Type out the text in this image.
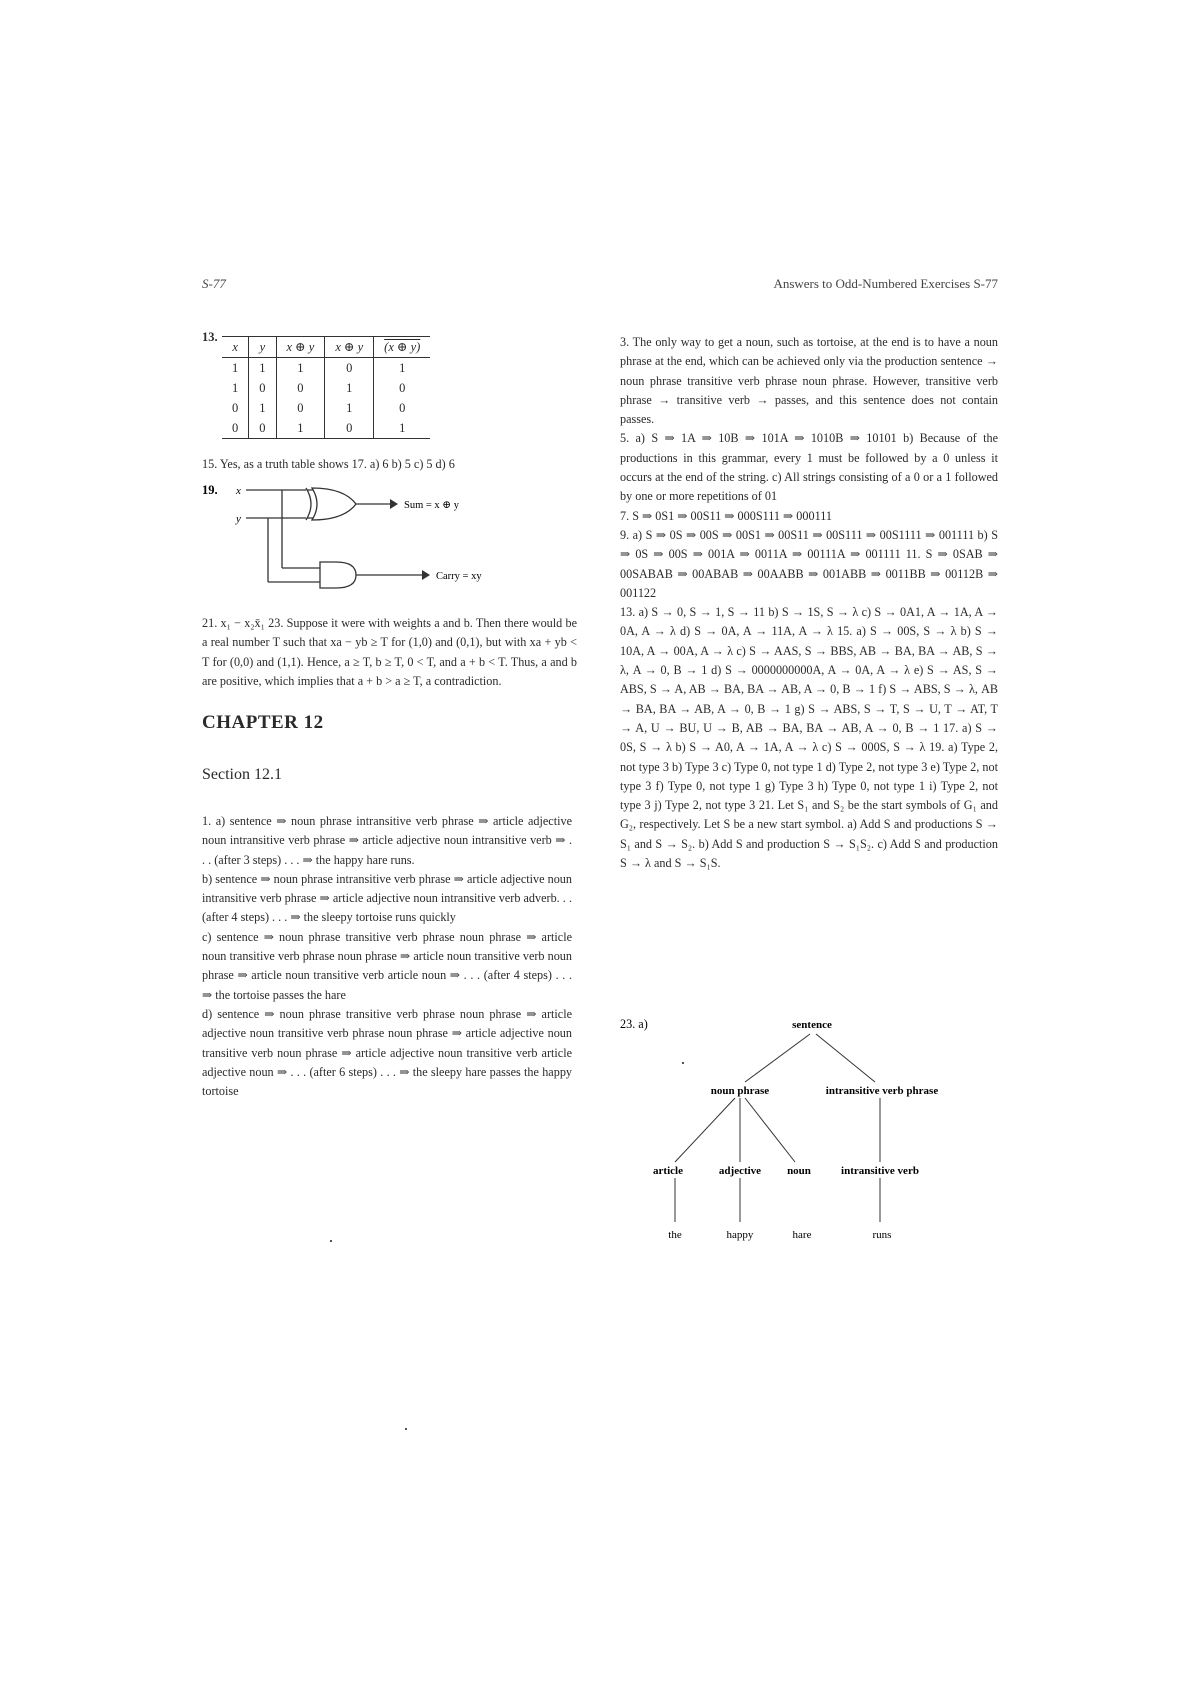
S-77	Answers to Odd-Numbered Exercises S-77
13.
x	y	x ⊕ y	x ⊕ y	(x ⊕ y)
1	1	1	0	1
1	0	0	1	0
0	1	0	1	0
0	0	1	0	1
15. Yes, as a truth table shows 17. a) 6 b) 5 c) 5 d) 6
19. x
y
Sum = x ⊕ y
Carry = xy
21. x₁ − x₂x̄₁ 23. Suppose it were with weights a and b. Then there would be a real number T such that xa − yb ≥ T for (1,0) and (0,1), but with xa + yb < T for (0,0) and (1,1). Hence, a ≥ T, b ≥ T, 0 < T, and a + b < T. Thus, a and b are positive, which implies that a + b > a ≥ T, a contradiction.
CHAPTER 12
Section 12.1

1. a) sentence ⇒ noun phrase intransitive verb phrase ⇒ article adjective noun intransitive verb phrase ⇒ article adjective noun intransitive verb ⇒ . . . (after 3 steps) . . . ⇒ the happy hare runs.

b) sentence ⇒ noun phrase intransitive verb phrase ⇒ article adjective noun intransitive verb phrase ⇒ article adjective noun intransitive verb adverb. . . (after 4 steps) . . . ⇒ the sleepy tortoise runs quickly

c) sentence ⇒ noun phrase transitive verb phrase noun phrase ⇒ article noun transitive verb phrase noun phrase ⇒ article noun transitive verb noun phrase ⇒ article noun transitive verb article noun ⇒ . . . (after 4 steps) . . . ⇒ the tortoise passes the hare

d) sentence ⇒ noun phrase transitive verb phrase noun phrase ⇒ article adjective noun transitive verb phrase noun phrase ⇒ article adjective noun transitive verb noun phrase ⇒ article adjective noun transitive verb article adjective noun ⇒ . . . (after 6 steps) . . . ⇒ the sleepy hare passes the happy tortoise

3. The only way to get a noun, such as tortoise, at the end is to have a noun phrase at the end, which can be achieved only via the production sentence → noun phrase transitive verb phrase noun phrase. However, transitive verb phrase → transitive verb → passes, and this sentence does not contain passes.

5. a) S ⇒ 1A ⇒ 10B ⇒ 101A ⇒ 1010B ⇒ 10101 b) Because of the productions in this grammar, every 1 must be followed by a 0 unless it occurs at the end of the string. c) All strings consisting of a 0 or a 1 followed by one or more repetitions of 01

7. S ⇒ 0S1 ⇒ 00S11 ⇒ 000S111 ⇒ 000111

9. a) S ⇒ 0S ⇒ 00S ⇒ 00S1 ⇒ 00S11 ⇒ 00S111 ⇒ 00S1111 ⇒ 001111 b) S ⇒ 0S ⇒ 00S ⇒ 001A ⇒ 0011A ⇒ 00111A ⇒ 001111 11. S ⇒ 0SAB ⇒ 00SABAB ⇒ 00ABAB ⇒ 00AABB ⇒ 001ABB ⇒ 0011BB ⇒ 00112B ⇒ 001122

13. a) S → 0, S → 1, S → 11 b) S → 1S, S → λ c) S → 0A1, A → 1A, A → 0A, A → λ d) S → 0A, A → 11A, A → λ 15. a) S → 00S, S → λ b) S → 10A, A → 00A, A → λ c) S → AAS, S → BBS, AB → BA, BA → AB, S → λ, A → 0, B → 1 d) S → 0000000000A, A → 0A, A → λ e) S → AS, S → ABS, S → A, AB → BA, BA → AB, A → 0, B → 1 f) S → ABS, S → λ, AB → BA, BA → AB, A → 0, B → 1 g) S → ABS, S → T, S → U, T → AT, T → A, U → BU, U → B, AB → BA, BA → AB, A → 0, B → 1 17. a) S → 0S, S → λ b) S → A0, A → 1A, A → λ c) S → 000S, S → λ 19. a) Type 2, not type 3 b) Type 3 c) Type 0, not type 1 d) Type 2, not type 3 e) Type 2, not type 3 f) Type 0, not type 1 g) Type 3 h) Type 0, not type 1 i) Type 2, not type 3 j) Type 2, not type 3 21. Let S₁ and S₂ be the start symbols of G₁ and G₂, respectively. Let S be a new start symbol. a) Add S and productions S → S₁ and S → S₂. b) Add S and production S → S₁S₂. c) Add S and production S → λ and S → S₁S.

23. a)	sentence
noun phrase	intransitive verb phrase
article	adjective noun	intransitive verb
the	happy	hare	runs
